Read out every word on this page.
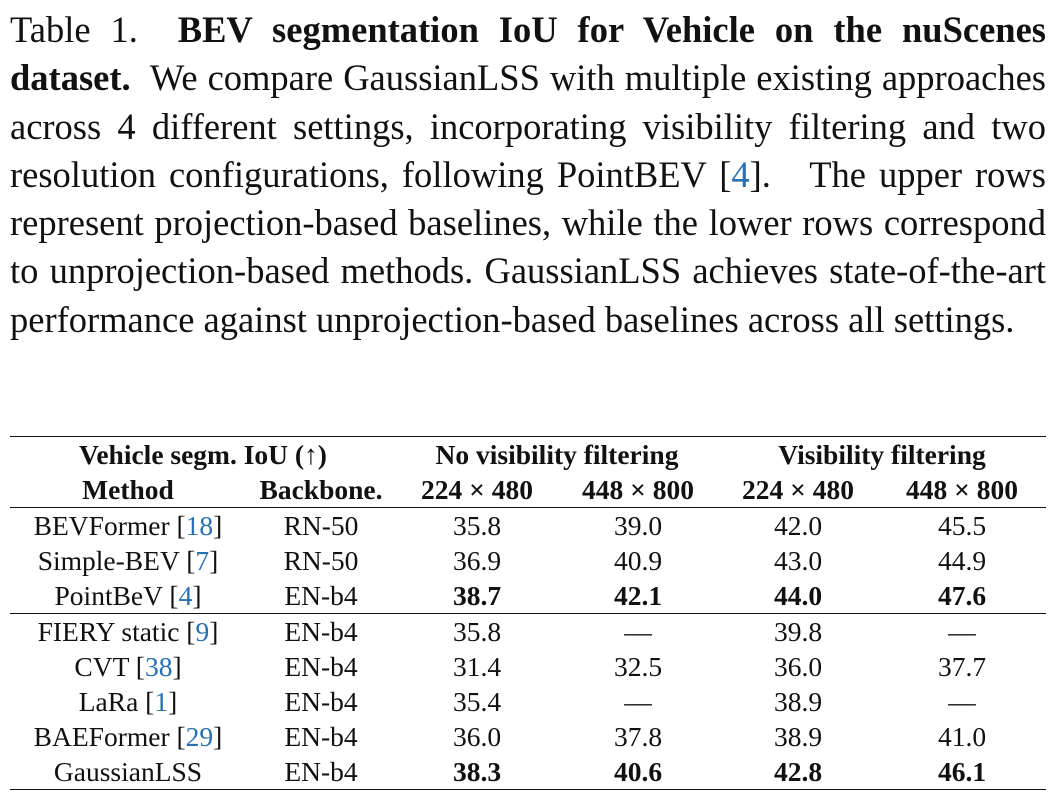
Table 1. BEV segmentation IoU for Vehicle on the nuScenes dataset. We compare GaussianLSS with multiple existing approaches across 4 different settings, incorporating visibility filtering and two resolution configurations, following PointBEV [4].   The upper rows represent projection-based baselines, while the lower rows correspond to unprojection-based methods. GaussianLSS achieves state-of-the-art performance against unprojection-based baselines across all settings.

Vehicle segm. IoU (↑)		No visibility filtering		Visibility filtering	
Method	Backbone.	224 × 480	448 × 800	224 × 480	448 × 800
BEVFormer [18]	RN-50	35.8	39.0	42.0	45.5
Simple-BEV [7]	RN-50	36.9	40.9	43.0	44.9
PointBeV [4]	EN-b4	38.7	42.1	44.0	47.6
FIERY static [9]	EN-b4	35.8	—	39.8	—
CVT [38]	EN-b4	31.4	32.5	36.0	37.7
LaRa [1]	EN-b4	35.4	—	38.9	—
BAEFormer [29]	EN-b4	36.0	37.8	38.9	41.0
GaussianLSS	EN-b4	38.3	40.6	42.8	46.1
